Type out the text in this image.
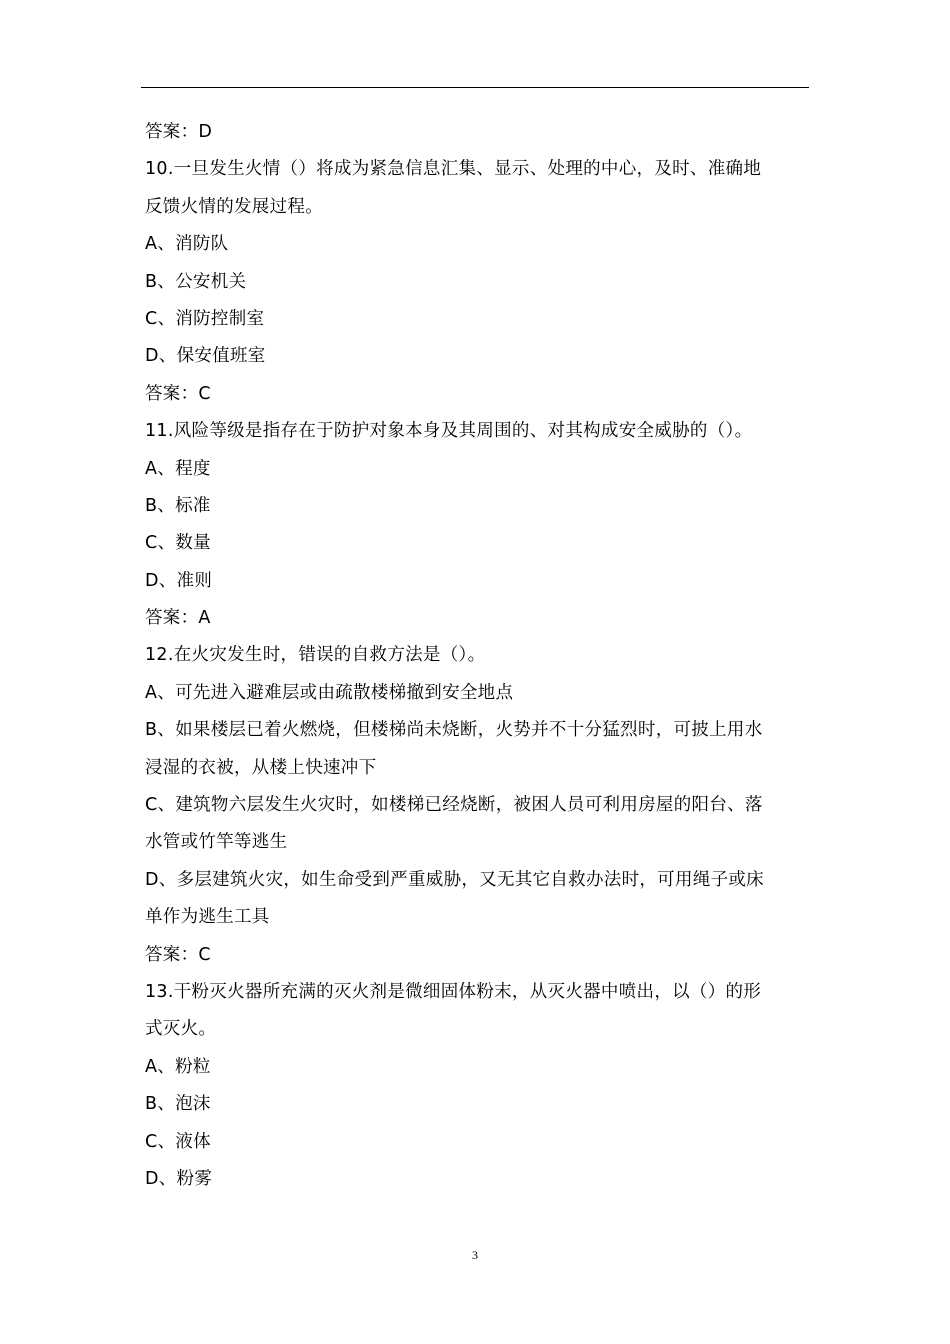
答案：D
10.一旦发生火情（）将成为紧急信息汇集、显示、处理的中心，及时、准确地
反馈火情的发展过程。
A、消防队
B、公安机关
C、消防控制室
D、保安值班室
答案：C
11.风险等级是指存在于防护对象本身及其周围的、对其构成安全威胁的（）。
A、程度
B、标准
C、数量
D、准则
答案：A
12.在火灾发生时，错误的自救方法是（）。
A、可先进入避难层或由疏散楼梯撤到安全地点
B、如果楼层已着火燃烧，但楼梯尚未烧断，火势并不十分猛烈时，可披上用水
浸湿的衣被，从楼上快速冲下
C、建筑物六层发生火灾时，如楼梯已经烧断，被困人员可利用房屋的阳台、落
水管或竹竿等逃生
D、多层建筑火灾，如生命受到严重威胁，又无其它自救办法时，可用绳子或床
单作为逃生工具
答案：C
13.干粉灭火器所充满的灭火剂是微细固体粉末，从灭火器中喷出，以（）的形
式灭火。
A、粉粒
B、泡沫
C、液体
D、粉雾
3
